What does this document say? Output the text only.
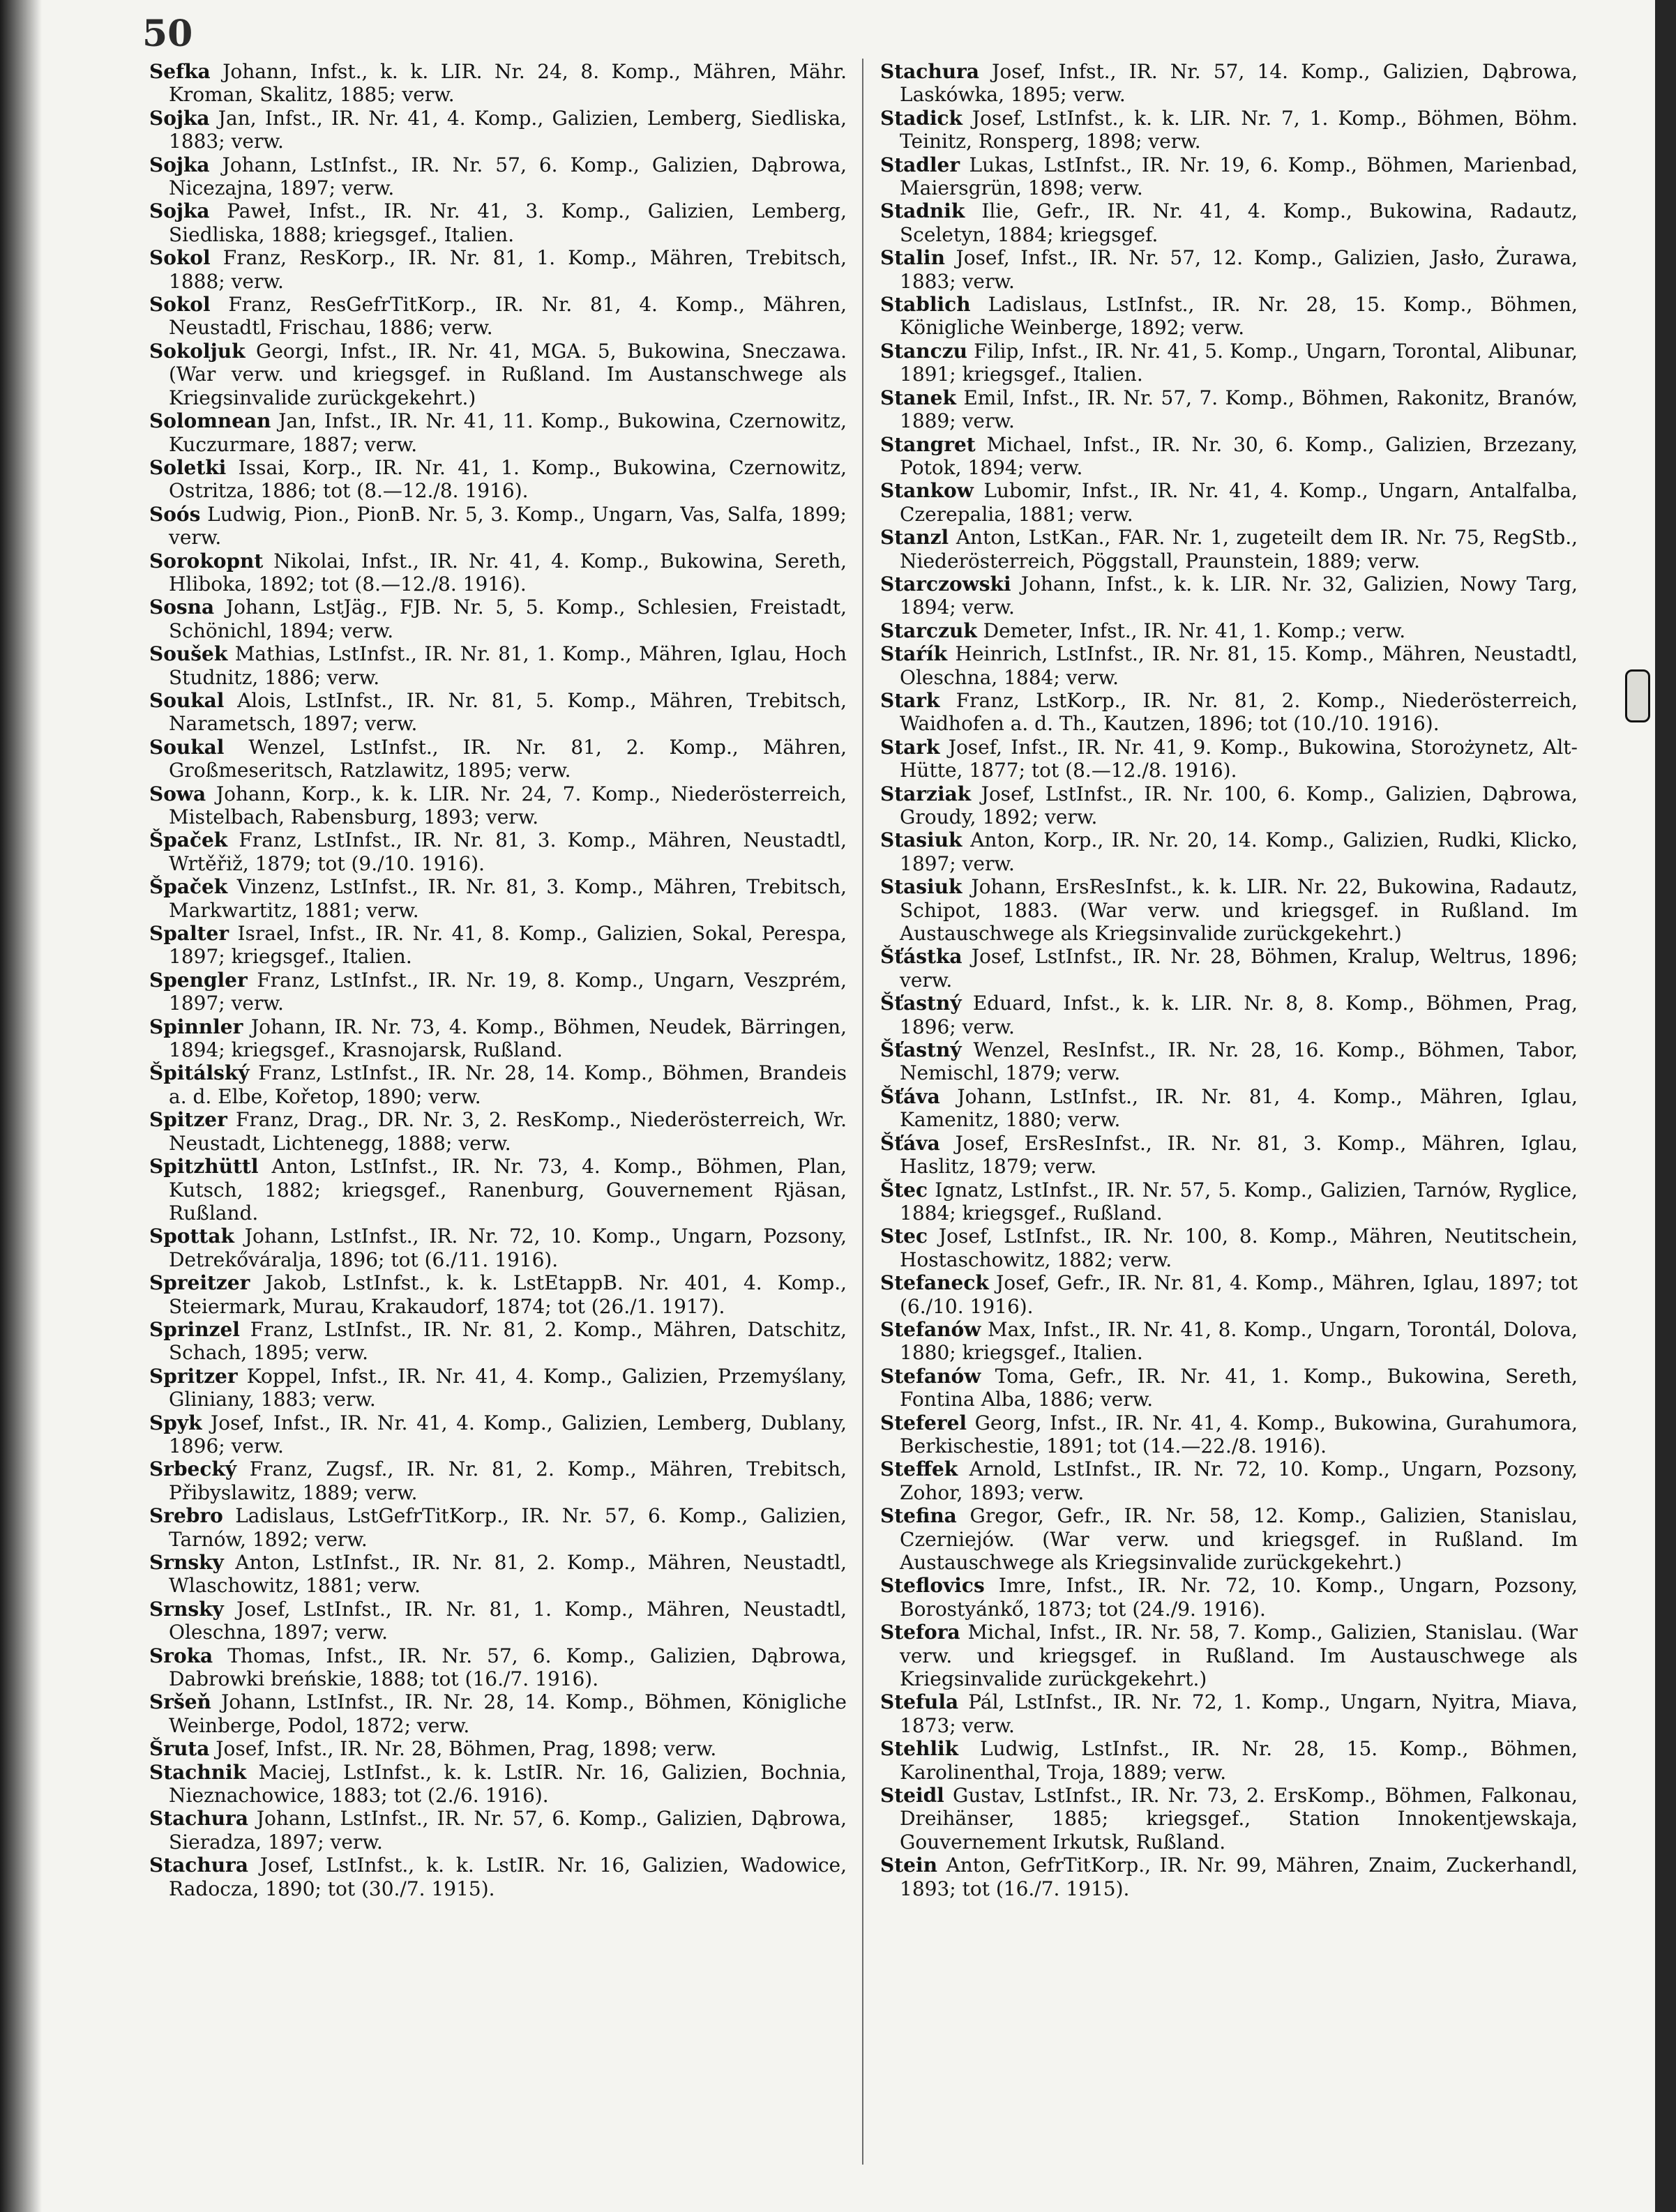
50

Sefka Johann, Infst., k. k. LIR. Nr. 24, 8. Komp., Mähren, Mähr. Kroman, Skalitz, 1885; verw.

Sojka Jan, Infst., IR. Nr. 41, 4. Komp., Galizien, Lemberg, Siedliska, 1883; verw.

Sojka Johann, LstInfst., IR. Nr. 57, 6. Komp., Galizien, Dąbrowa, Nicezajna, 1897; verw.

Sojka Paweł, Infst., IR. Nr. 41, 3. Komp., Galizien, Lemberg, Siedliska, 1888; kriegsgef., Italien.

Sokol Franz, ResKorp., IR. Nr. 81, 1. Komp., Mähren, Trebitsch, 1888; verw.

Sokol Franz, ResGefrTitKorp., IR. Nr. 81, 4. Komp., Mähren, Neustadtl, Frischau, 1886; verw.

Sokoljuk Georgi, Infst., IR. Nr. 41, MGA. 5, Bukowina, Sneczawa. (War verw. und kriegsgef. in Rußland. Im Austanschwege als Kriegsinvalide zurückgekehrt.)

Solomnean Jan, Infst., IR. Nr. 41, 11. Komp., Bukowina, Czernowitz, Kuczurmare, 1887; verw.

Soletki Issai, Korp., IR. Nr. 41, 1. Komp., Bukowina, Czernowitz, Ostritza, 1886; tot (8.—12./8. 1916).

Soós Ludwig, Pion., PionB. Nr. 5, 3. Komp., Ungarn, Vas, Salfa, 1899; verw.

Sorokopnt Nikolai, Infst., IR. Nr. 41, 4. Komp., Bukowina, Sereth, Hliboka, 1892; tot (8.—12./8. 1916).

Sosna Johann, LstJäg., FJB. Nr. 5, 5. Komp., Schlesien, Freistadt, Schönichl, 1894; verw.

Soušek Mathias, LstInfst., IR. Nr. 81, 1. Komp., Mähren, Iglau, Hoch Studnitz, 1886; verw.

Soukal Alois, LstInfst., IR. Nr. 81, 5. Komp., Mähren, Trebitsch, Narametsch, 1897; verw.

Soukal Wenzel, LstInfst., IR. Nr. 81, 2. Komp., Mähren, Großmeseritsch, Ratzlawitz, 1895; verw.

Sowa Johann, Korp., k. k. LIR. Nr. 24, 7. Komp., Niederösterreich, Mistelbach, Rabensburg, 1893; verw.

Špaček Franz, LstInfst., IR. Nr. 81, 3. Komp., Mähren, Neustadtl, Wrtěřiž, 1879; tot (9./10. 1916).

Špaček Vinzenz, LstInfst., IR. Nr. 81, 3. Komp., Mähren, Trebitsch, Markwartitz, 1881; verw.

Spalter Israel, Infst., IR. Nr. 41, 8. Komp., Galizien, Sokal, Perespa, 1897; kriegsgef., Italien.

Spengler Franz, LstInfst., IR. Nr. 19, 8. Komp., Ungarn, Veszprém, 1897; verw.

Spinnler Johann, IR. Nr. 73, 4. Komp., Böhmen, Neudek, Bärringen, 1894; kriegsgef., Krasnojarsk, Rußland.

Špitálský Franz, LstInfst., IR. Nr. 28, 14. Komp., Böhmen, Brandeis a. d. Elbe, Kořetop, 1890; verw.

Spitzer Franz, Drag., DR. Nr. 3, 2. ResKomp., Niederösterreich, Wr. Neustadt, Lichtenegg, 1888; verw.

Spitzhüttl Anton, LstInfst., IR. Nr. 73, 4. Komp., Böhmen, Plan, Kutsch, 1882; kriegsgef., Ranenburg, Gouvernement Rjäsan, Rußland.

Spottak Johann, LstInfst., IR. Nr. 72, 10. Komp., Ungarn, Pozsony, Detrekőváralja, 1896; tot (6./11. 1916).

Spreitzer Jakob, LstInfst., k. k. LstEtappB. Nr. 401, 4. Komp., Steiermark, Murau, Krakaudorf, 1874; tot (26./1. 1917).

Sprinzel Franz, LstInfst., IR. Nr. 81, 2. Komp., Mähren, Datschitz, Schach, 1895; verw.

Spritzer Koppel, Infst., IR. Nr. 41, 4. Komp., Galizien, Przemyślany, Gliniany, 1883; verw.

Spyk Josef, Infst., IR. Nr. 41, 4. Komp., Galizien, Lemberg, Dublany, 1896; verw.

Srbecký Franz, Zugsf., IR. Nr. 81, 2. Komp., Mähren, Trebitsch, Přibyslawitz, 1889; verw.

Srebro Ladislaus, LstGefrTitKorp., IR. Nr. 57, 6. Komp., Galizien, Tarnów, 1892; verw.

Srnsky Anton, LstInfst., IR. Nr. 81, 2. Komp., Mähren, Neustadtl, Wlaschowitz, 1881; verw.

Srnsky Josef, LstInfst., IR. Nr. 81, 1. Komp., Mähren, Neustadtl, Oleschna, 1897; verw.

Sroka Thomas, Infst., IR. Nr. 57, 6. Komp., Galizien, Dąbrowa, Dabrowki breńskie, 1888; tot (16./7. 1916).

Sršeň Johann, LstInfst., IR. Nr. 28, 14. Komp., Böhmen, Königliche Weinberge, Podol, 1872; verw.

Šruta Josef, Infst., IR. Nr. 28, Böhmen, Prag, 1898; verw.

Stachnik Maciej, LstInfst., k. k. LstIR. Nr. 16, Galizien, Bochnia, Nieznachowice, 1883; tot (2./6. 1916).

Stachura Johann, LstInfst., IR. Nr. 57, 6. Komp., Galizien, Dąbrowa, Sieradza, 1897; verw.

Stachura Josef, LstInfst., k. k. LstIR. Nr. 16, Galizien, Wadowice, Radocza, 1890; tot (30./7. 1915).

Stachura Josef, Infst., IR. Nr. 57, 14. Komp., Galizien, Dąbrowa, Laskówka, 1895; verw.

Stadick Josef, LstInfst., k. k. LIR. Nr. 7, 1. Komp., Böhmen, Böhm. Teinitz, Ronsperg, 1898; verw.

Stadler Lukas, LstInfst., IR. Nr. 19, 6. Komp., Böhmen, Marienbad, Maiersgrün, 1898; verw.

Stadnik Ilie, Gefr., IR. Nr. 41, 4. Komp., Bukowina, Radautz, Sceletyn, 1884; kriegsgef.

Stalin Josef, Infst., IR. Nr. 57, 12. Komp., Galizien, Jasło, Żurawa, 1883; verw.

Stablich Ladislaus, LstInfst., IR. Nr. 28, 15. Komp., Böhmen, Königliche Weinberge, 1892; verw.

Stanczu Filip, Infst., IR. Nr. 41, 5. Komp., Ungarn, Torontal, Alibunar, 1891; kriegsgef., Italien.

Stanek Emil, Infst., IR. Nr. 57, 7. Komp., Böhmen, Rakonitz, Branów, 1889; verw.

Stangret Michael, Infst., IR. Nr. 30, 6. Komp., Galizien, Brzezany, Potok, 1894; verw.

Stankow Lubomir, Infst., IR. Nr. 41, 4. Komp., Ungarn, Antalfalba, Czerepalia, 1881; verw.

Stanzl Anton, LstKan., FAR. Nr. 1, zugeteilt dem IR. Nr. 75, RegStb., Niederösterreich, Pöggstall, Praunstein, 1889; verw.

Starczowski Johann, Infst., k. k. LIR. Nr. 32, Galizien, Nowy Targ, 1894; verw.

Starczuk Demeter, Infst., IR. Nr. 41, 1. Komp.; verw.

Staŕík Heinrich, LstInfst., IR. Nr. 81, 15. Komp., Mähren, Neustadtl, Oleschna, 1884; verw.

Stark Franz, LstKorp., IR. Nr. 81, 2. Komp., Niederösterreich, Waidhofen a. d. Th., Kautzen, 1896; tot (10./10. 1916).

Stark Josef, Infst., IR. Nr. 41, 9. Komp., Bukowina, Storożynetz, Alt-Hütte, 1877; tot (8.—12./8. 1916).

Starziak Josef, LstInfst., IR. Nr. 100, 6. Komp., Galizien, Dąbrowa, Groudy, 1892; verw.

Stasiuk Anton, Korp., IR. Nr. 20, 14. Komp., Galizien, Rudki, Klicko, 1897; verw.

Stasiuk Johann, ErsResInfst., k. k. LIR. Nr. 22, Bukowina, Radautz, Schipot, 1883. (War verw. und kriegsgef. in Rußland. Im Austauschwege als Kriegsinvalide zurückgekehrt.)

Šťástka Josef, LstInfst., IR. Nr. 28, Böhmen, Kralup, Weltrus, 1896; verw.

Šťastný Eduard, Infst., k. k. LIR. Nr. 8, 8. Komp., Böhmen, Prag, 1896; verw.

Šťastný Wenzel, ResInfst., IR. Nr. 28, 16. Komp., Böhmen, Tabor, Nemischl, 1879; verw.

Šťáva Johann, LstInfst., IR. Nr. 81, 4. Komp., Mähren, Iglau, Kamenitz, 1880; verw.

Šťáva Josef, ErsResInfst., IR. Nr. 81, 3. Komp., Mähren, Iglau, Haslitz, 1879; verw.

Štec Ignatz, LstInfst., IR. Nr. 57, 5. Komp., Galizien, Tarnów, Ryglice, 1884; kriegsgef., Rußland.

Stec Josef, LstInfst., IR. Nr. 100, 8. Komp., Mähren, Neutitschein, Hostaschowitz, 1882; verw.

Stefaneck Josef, Gefr., IR. Nr. 81, 4. Komp., Mähren, Iglau, 1897; tot (6./10. 1916).

Stefanów Max, Infst., IR. Nr. 41, 8. Komp., Ungarn, Torontál, Dolova, 1880; kriegsgef., Italien.

Stefanów Toma, Gefr., IR. Nr. 41, 1. Komp., Bukowina, Sereth, Fontina Alba, 1886; verw.

Steferel Georg, Infst., IR. Nr. 41, 4. Komp., Bukowina, Gurahumora, Berkischestie, 1891; tot (14.—22./8. 1916).

Steffek Arnold, LstInfst., IR. Nr. 72, 10. Komp., Ungarn, Pozsony, Zohor, 1893; verw.

Stefina Gregor, Gefr., IR. Nr. 58, 12. Komp., Galizien, Stanislau, Czerniejów. (War verw. und kriegsgef. in Rußland. Im Austauschwege als Kriegsinvalide zurückgekehrt.)

Steflovics Imre, Infst., IR. Nr. 72, 10. Komp., Ungarn, Pozsony, Borostyánkő, 1873; tot (24./9. 1916).

Stefora Michal, Infst., IR. Nr. 58, 7. Komp., Galizien, Stanislau. (War verw. und kriegsgef. in Rußland. Im Austauschwege als Kriegsinvalide zurückgekehrt.)

Stefula Pál, LstInfst., IR. Nr. 72, 1. Komp., Ungarn, Nyitra, Miava, 1873; verw.

Stehlik Ludwig, LstInfst., IR. Nr. 28, 15. Komp., Böhmen, Karolinenthal, Troja, 1889; verw.

Steidl Gustav, LstInfst., IR. Nr. 73, 2. ErsKomp., Böhmen, Falkonau, Dreihänser, 1885; kriegsgef., Station Innokentjewskaja, Gouvernement Irkutsk, Rußland.

Stein Anton, GefrTitKorp., IR. Nr. 99, Mähren, Znaim, Zuckerhandl, 1893; tot (16./7. 1915).
